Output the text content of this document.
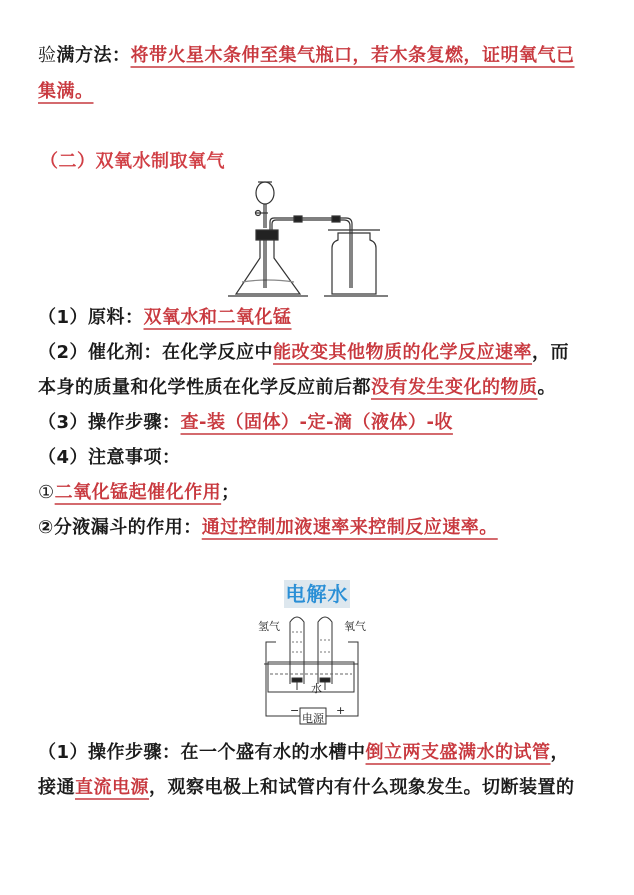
验满方法：将带火星木条伸至集气瓶口，若木条复燃，证明氧气已
集满。
（二）双氧水制取氧气
（1）原料：双氧水和二氧化锰
（2）催化剂：在化学反应中能改变其他物质的化学反应速率，而
本身的质量和化学性质在化学反应前后都没有发生变化的物质。
（3）操作步骤：查-装（固体）-定-滴（液体）-收
（4）注意事项：
①二氧化锰起催化作用；
②分液漏斗的作用：通过控制加液速率来控制反应速率。
电解水
氢气	氧气
水
电源
−	+
（1）操作步骤：在一个盛有水的水槽中倒立两支盛满水的试管，
接通直流电源，观察电极上和试管内有什么现象发生。切断装置的
